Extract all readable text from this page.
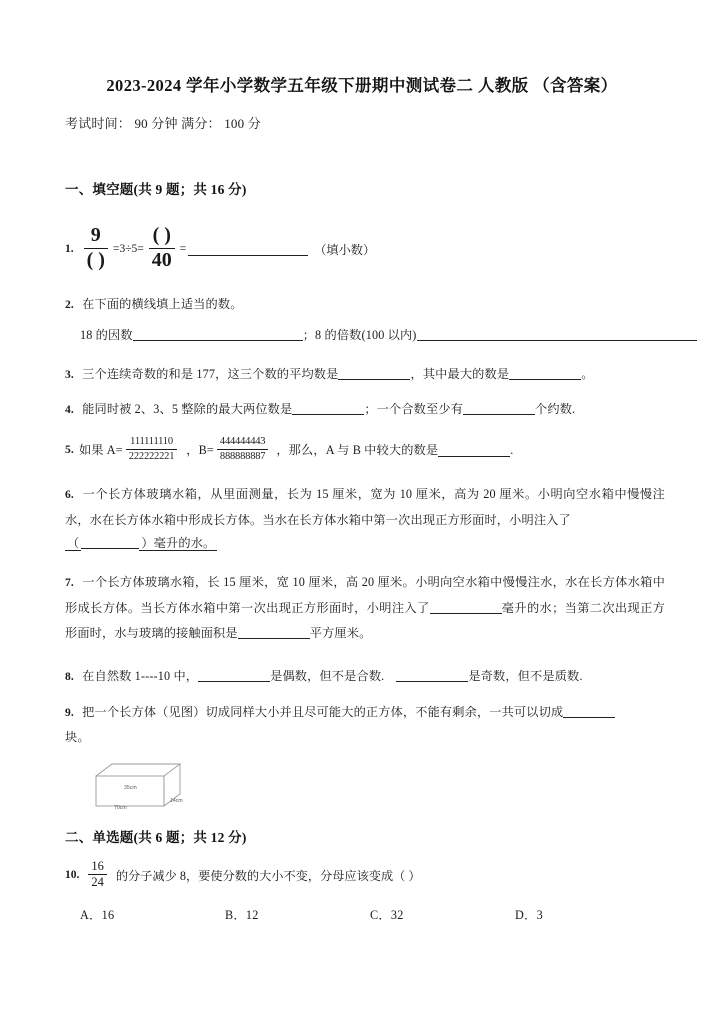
2023-2024 学年小学数学五年级下册期中测试卷二 人教版 （含答案）
考试时间： 90 分钟 满分： 100 分
一、填空题(共 9 题；共 16 分)
1. $\frac{9}{( )} =3\div 5= \frac{( )}{40}$ =	（填小数）
2. 在下面的横线填上适当的数。
18 的因数	；8 的倍数(100 以内)
3. 三个连续奇数的和是 177，这三个数的平均数是	，其中最大的数是	。
4. 能同时被 2、3、5 整除的最大两位数是	；一个合数至少有	个约数.
5. 如果 $A= \frac{111111110}{222222221}$ ，$B= \frac{444444443}{888888887}$ ，那么，A 与 B 中较大的数是	.
6. 一个长方体玻璃水箱，从里面测量，长为 15 厘米，宽为 10 厘米，高为 20 厘米。小明向空水箱中慢慢注水，水在长方体水箱中形成长方体。当水在长方体水箱中第一次出现正方形面时，小明注入了
（	）毫升的水。
7. 一个长方体玻璃水箱，长 15 厘米，宽 10 厘米，高 20 厘米。小明向空水箱中慢慢注水，水在长方体水箱中形成长方体。当长方体水箱中第一次出现正方形面时，小明注入了	毫升的水；当第二次出现正方形面时，水与玻璃的接触面积是	平方厘米。
8. 在自然数 1----10 中，	是偶数，但不是合数.	是奇数，但不是质数.
9. 把一个长方体（见图）切成同样大小并且尽可能大的正方体，不能有剩余，一共可以切成
块。
35cm
70cm
14cm
二、单选题(共 6 题；共 12 分)
10. $\frac{16}{24}$ 的分子减少 8，要使分数的大小不变，分母应该变成（ ）
A．16	B．12	C．32	D．3
